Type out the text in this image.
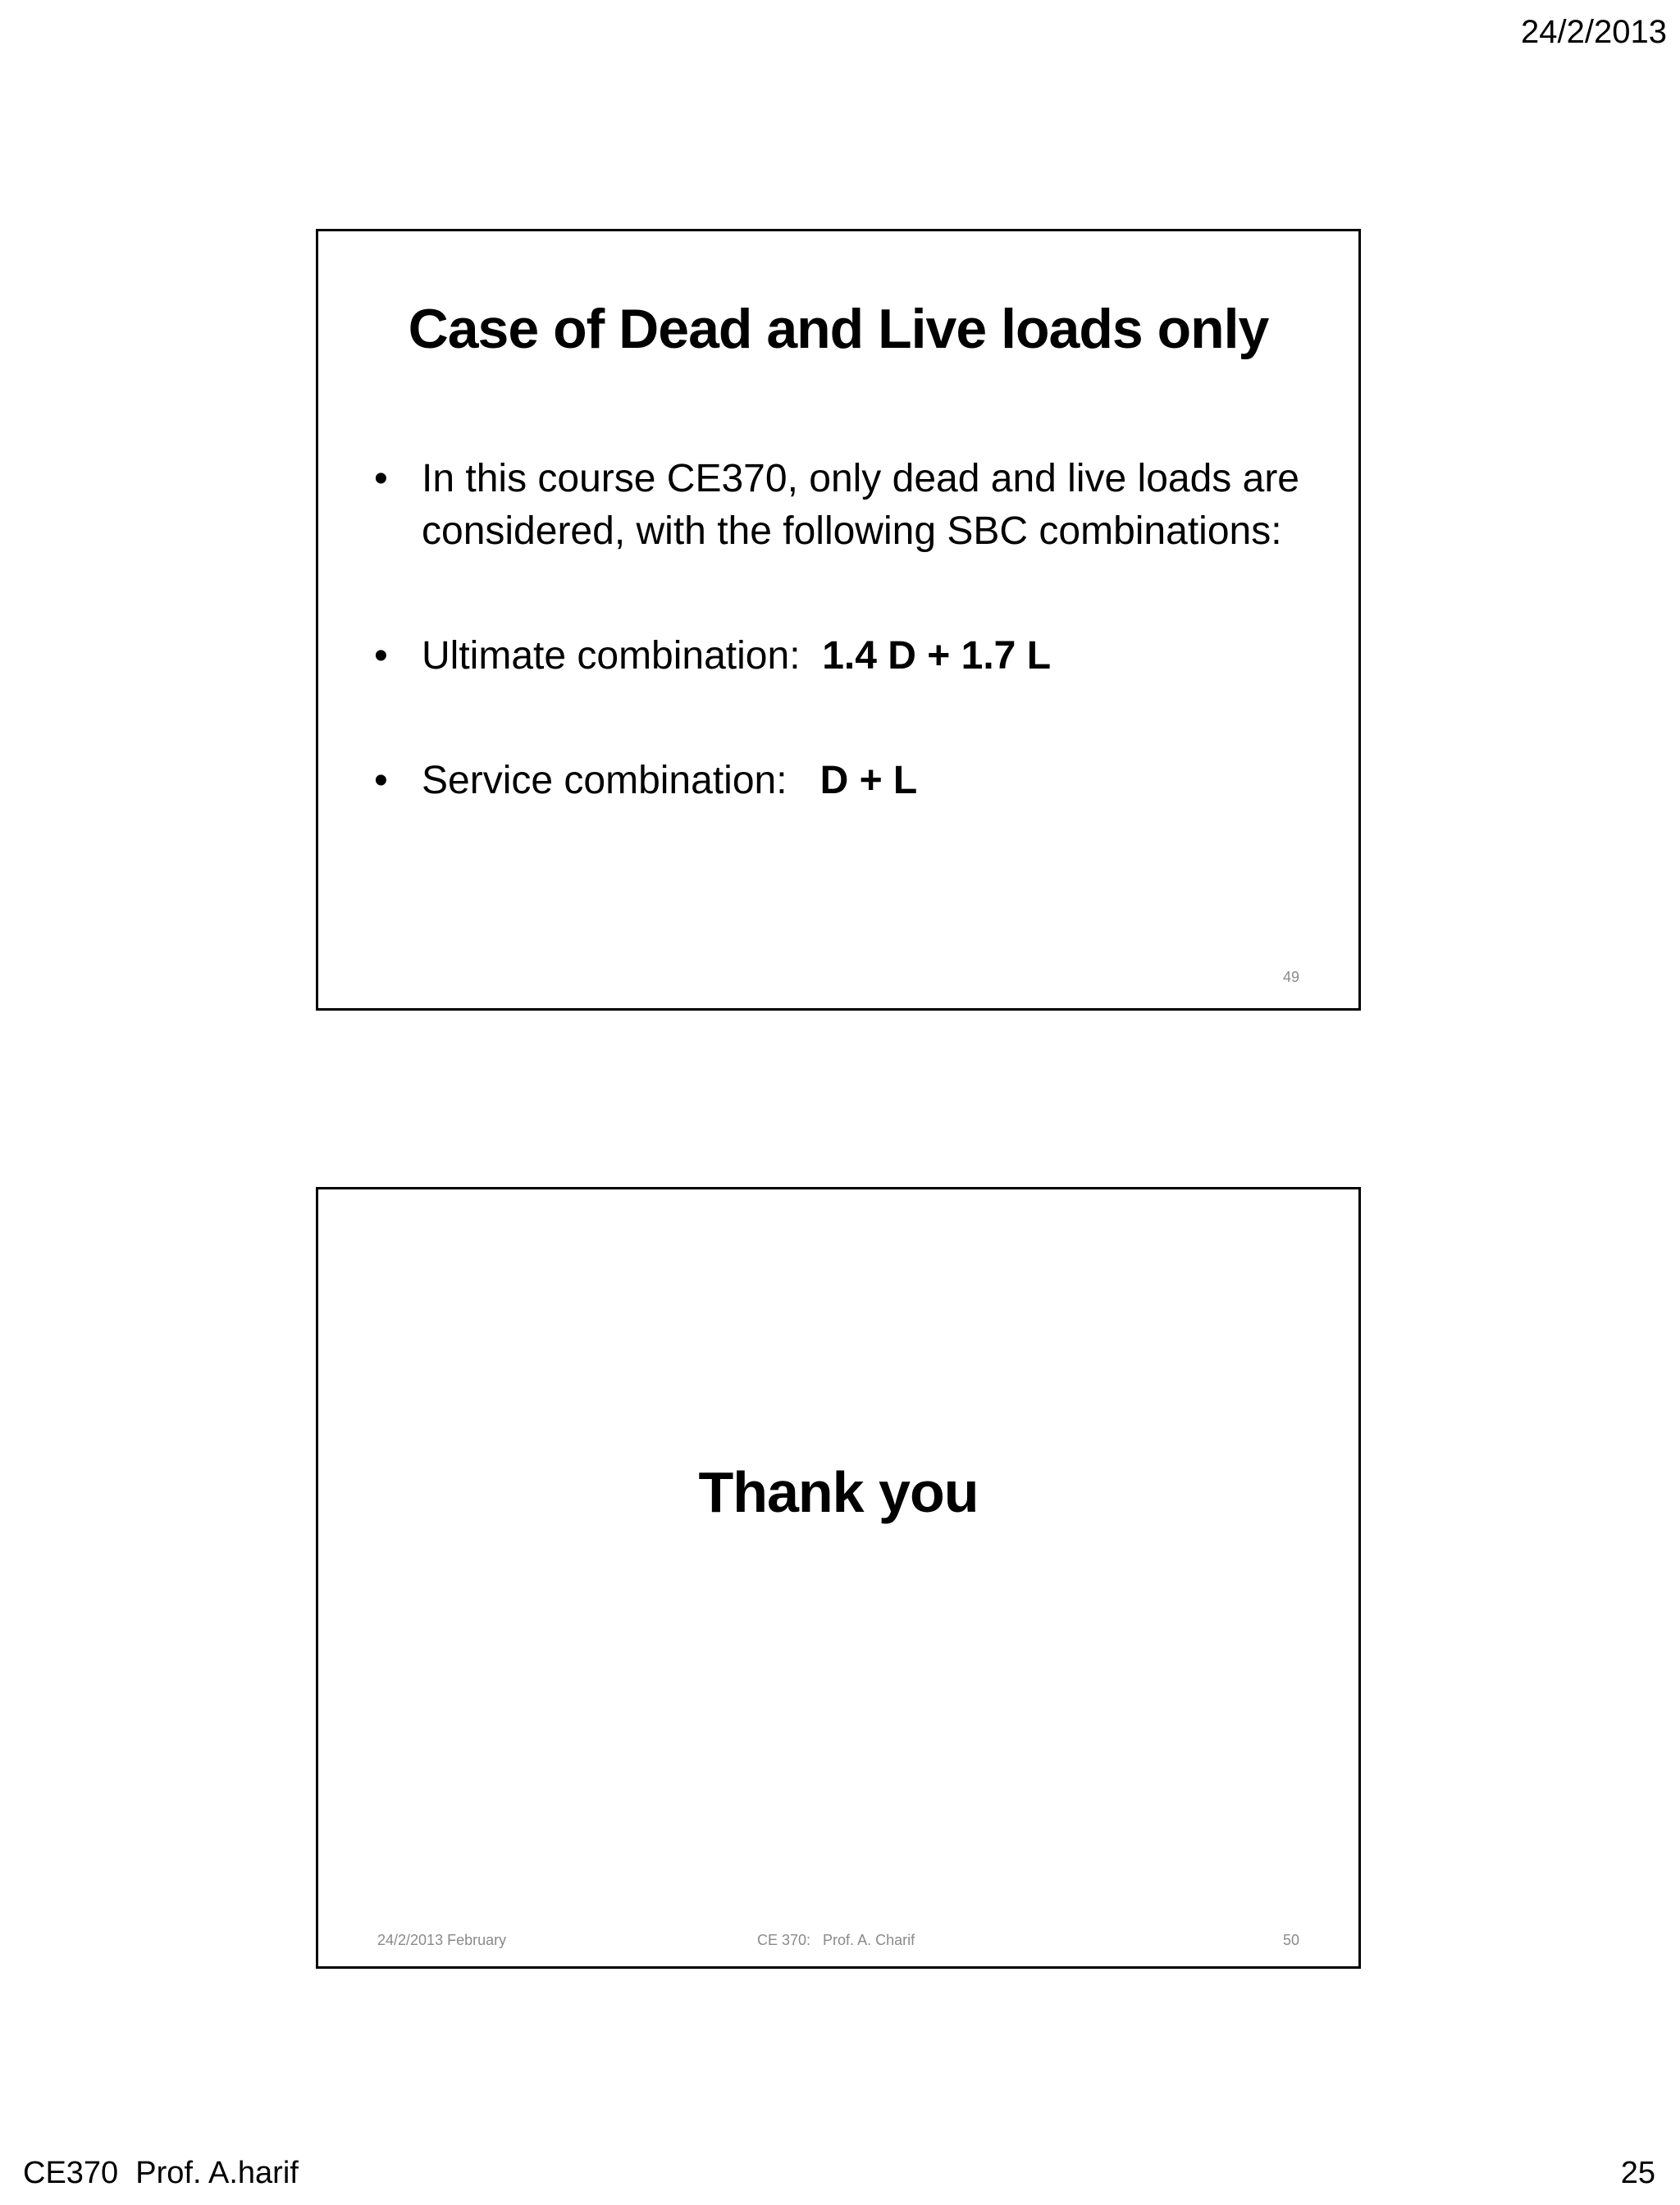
24/2/2013
Case of Dead and Live loads only
• In this course CE370, only dead and live loads are considered, with the following SBC combinations:
• Ultimate combination:  1.4 D + 1.7 L
• Service combination:   D + L
49
Thank you
24/2/2013 February	CE 370:   Prof. A. Charif	50
CE370  Prof. A.harif	25
